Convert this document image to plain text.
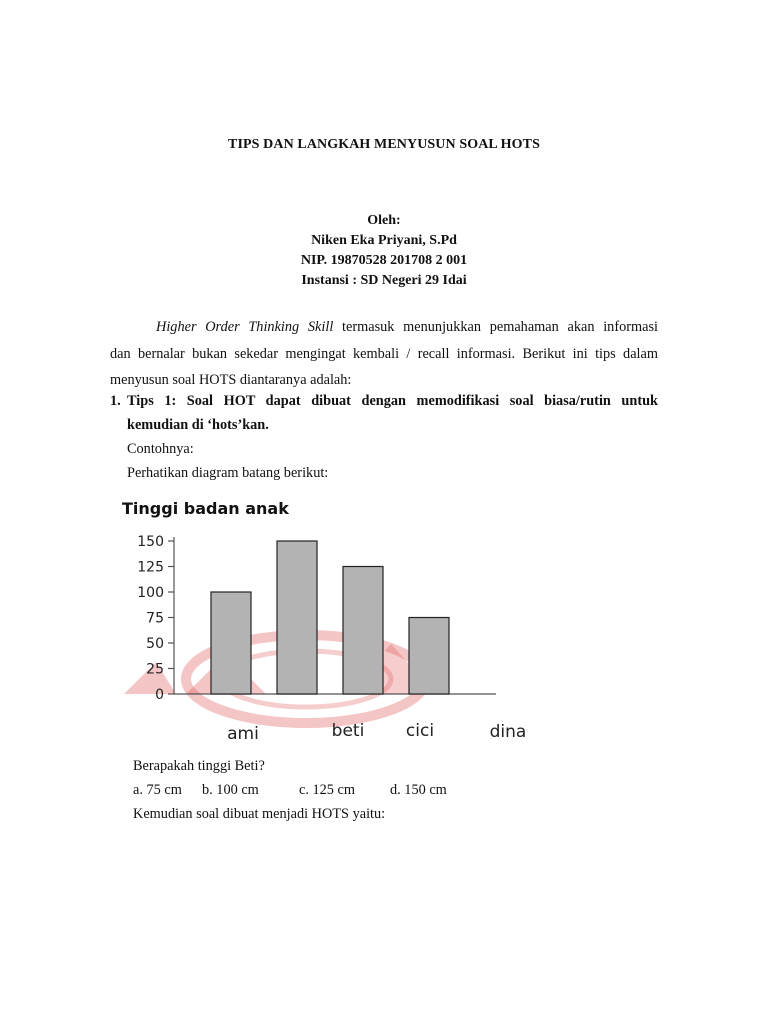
TIPS DAN LANGKAH MENYUSUN SOAL HOTS
Oleh:
Niken Eka Priyani, S.Pd
NIP. 19870528 201708 2 001
Instansi : SD Negeri 29 Idai
Higher Order Thinking Skill termasuk menunjukkan pemahaman akan informasi
dan bernalar bukan sekedar mengingat kembali / recall informasi. Berikut ini tips dalam menyusun soal HOTS diantaranya adalah:
1. Tips 1: Soal HOT dapat dibuat dengan memodifikasi soal biasa/rutin untuk
kemudian di ‘hots’kan.
Contohnya:
Perhatikan diagram batang berikut:
Tinggi badan anak
150
125
100
75
50
25
0
ami	beti cici	dina
Berapakah tinggi Beti?
a. 75 cm	b. 100 cm	c. 125 cm	d. 150 cm
Kemudian soal dibuat menjadi HOTS yaitu:
